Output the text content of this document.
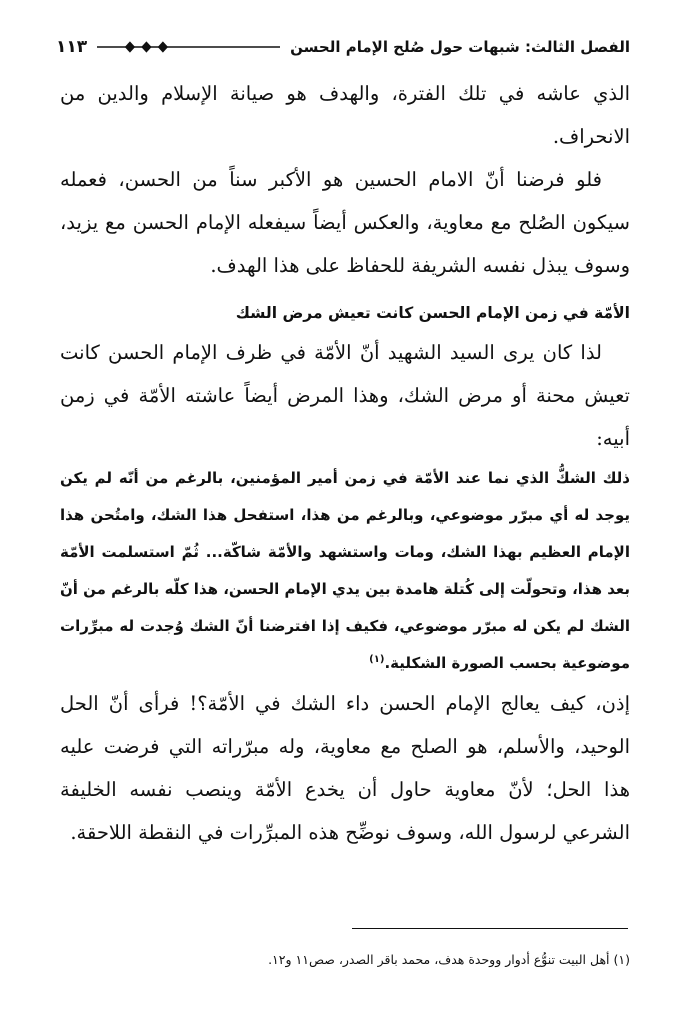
الفصل الثالث: شبهات حول صُلح الإمام الحسن
١١٣

الذي عاشه في تلك الفترة، والهدف هو صيانة الإسلام والدين من الانحراف.

فلو فرضنا أنّ الامام الحسين هو الأكبر سناً من الحسن، فعمله سيكون الصُلح مع معاوية، والعكس أيضاً سيفعله الإمام الحسن مع يزيد، وسوف يبذل نفسه الشريفة للحفاظ على هذا الهدف.

الأمّة في زمن الإمام الحسن كانت تعيش مرض الشك

لذا كان يرى السيد الشهيد أنّ الأمّة في ظرف الإمام الحسن كانت تعيش محنة أو مرض الشك، وهذا المرض أيضاً عاشته الأمّة في زمن أبيه:

ذلك الشكُّ الذي نما عند الأمّة في زمن أمير المؤمنين، بالرغم من أنّه لم يكن يوجد له أي مبرّر موضوعي، وبالرغم من هذا، استفحل هذا الشك، وامتُحن هذا الإمام العظيم بهذا الشك، ومات واستشهد والأمّة شاكّة... ثُمّ استسلمت الأمّة بعد هذا، وتحولّت إلى كُتلة هامدة بين يدي الإمام الحسن، هذا كلّه بالرغم من أنّ الشك لم يكن له مبرّر موضوعي، فكيف إذا افترضنا أنّ الشك وُجدت له مبرِّرات موضوعية بحسب الصورة الشكلية.$^{(١)}$

إذن، كيف يعالج الإمام الحسن داء الشك في الأمّة؟! فرأى أنّ الحل الوحيد، والأسلم، هو الصلح مع معاوية، وله مبرّراته التي فرضت عليه هذا الحل؛ لأنّ معاوية حاول أن يخدع الأمّة وينصب نفسه الخليفة الشرعي لرسول الله، وسوف نوضِّح هذه المبرِّرات في النقطة اللاحقة.

(١) أهل البيت تنوُّع أدوار ووحدة هدف، محمد باقر الصدر، صص١١ و١٢.
